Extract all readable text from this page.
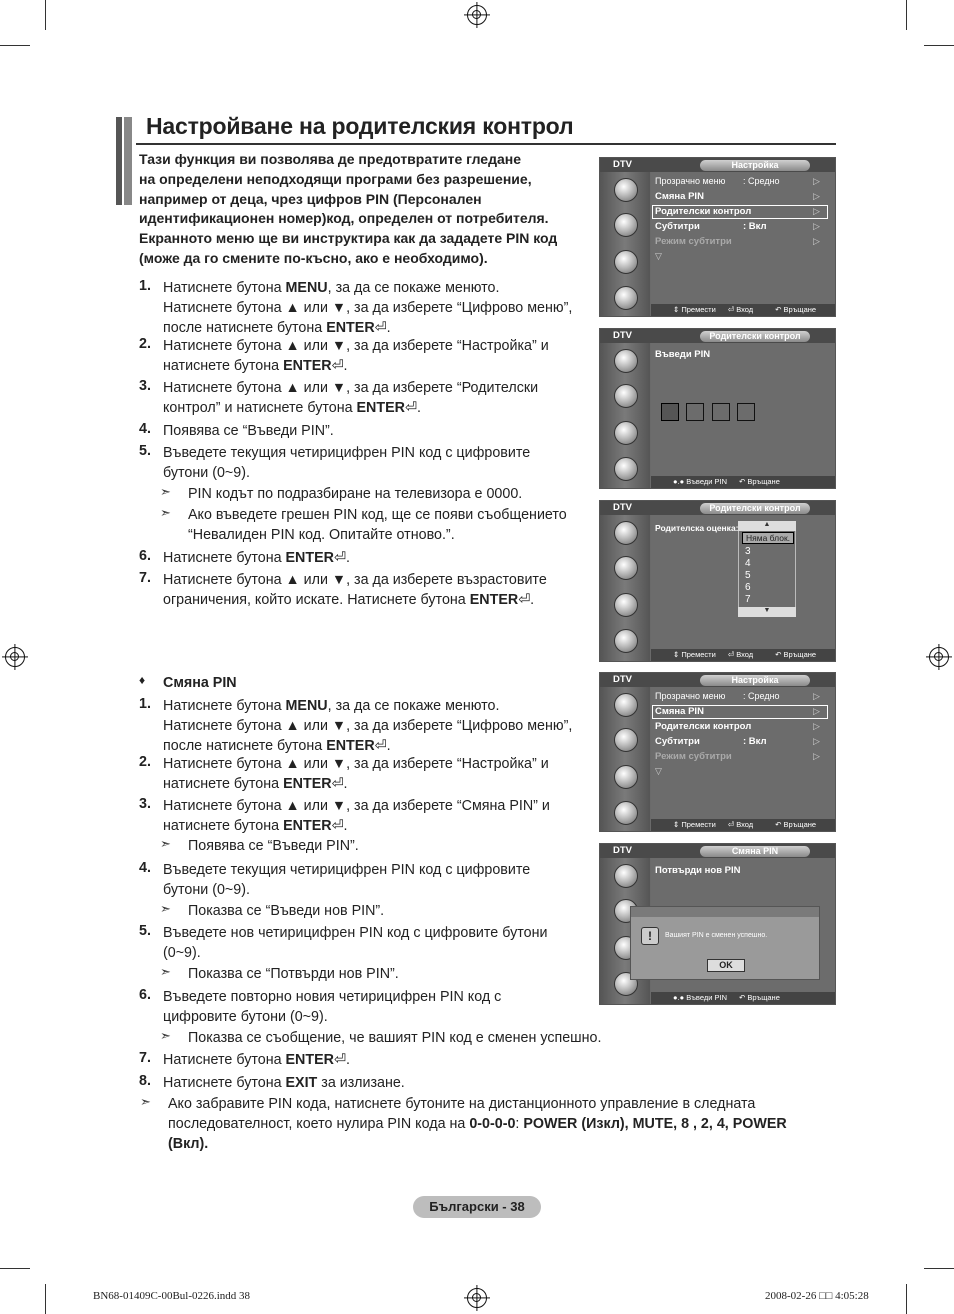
Настройване на родителския контрол
Тази функция ви позволява де предотвратите гледане
на определени неподходящи програми без разрешение,
например от деца, чрез цифров PIN (Персонален
идентификационен номер)код, определен от потребителя.
Екранното меню ще ви инструктира как да зададете PIN код
(може да го смените по-късно, ако е необходимо).
1. Натиснете бутона MENU, за да се покаже менюто.
Натиснете бутона ▲ или ▼, за да изберете “Цифрово меню”,
после натиснете бутона ENTER⏎.
2. Натиснете бутона ▲ или ▼, за да изберете “Настройка” и
натиснете бутона ENTER⏎.
3. Натиснете бутона ▲ или ▼, за да изберете “Родителски
контрол” и натиснете бутона ENTER⏎.
4. Появява се “Въведи PIN”.
5. Въведете текущия четирицифрен PIN код с цифровите
бутони (0~9).
➣ PIN кодът по подразбиране на телевизора е 0000.
➣ Ако въведете грешен PIN код, ще се появи съобщението
“Невалиден PIN код. Опитайте отново.”.
6. Натиснете бутона ENTER⏎.
7. Натиснете бутона ▲ или ▼, за да изберете възрастовите
ограничения, който искате. Натиснете бутона ENTER⏎.
♦ Смяна PIN
1. Натиснете бутона MENU, за да се покаже менюто.
Натиснете бутона ▲ или ▼, за да изберете “Цифрово меню”,
после натиснете бутона ENTER⏎.
2. Натиснете бутона ▲ или ▼, за да изберете “Настройка” и
натиснете бутона ENTER⏎.
3. Натиснете бутона ▲ или ▼, за да изберете “Смяна PIN” и
натиснете бутона ENTER⏎.
➣ Появява се “Въведи PIN”.
4. Въведете текущия четирицифрен PIN код с цифровите
бутони (0~9).
➣ Показва се “Въведи нов PIN”.
5. Въведете нов четирицифрен PIN код с цифровите бутони
(0~9).
➣ Показва се “Потвърди нов PIN”.
6. Въведете повторно новия четирицифрен PIN код с
цифровите бутони (0~9).
➣ Показва се съобщение, че вашият PIN код е сменен успешно.
7. Натиснете бутона ENTER⏎.
8. Натиснете бутона EXIT за излизане.
➣ Ако забравите PIN кода, натиснете бутоните на дистанционното управление в следната
последователност, което нулира PIN кода на 0-0-0-0: POWER (Изкл), MUTE, 8 , 2, 4, POWER
(Вкл).
DTV	Настройка
Прозрачно меню : Средно	▷
Смяна PIN	▷
Родителски контрол	▷
Субтитри	: Вкл	▷
Режим субтитри	▷
▽
⇕ Премести ⏎ Вход	↶ Връщане
DTV	Родителски контрол
Въведи PIN
●.● Въведи PIN ↶ Връщане
DTV	Родителски контрол
Родителска оценка:	▲
Няма блок.
3
4
5
6
7
▼
⇕ Премести ⏎ Вход	↶ Връщане
DTV	Настройка
Прозрачно меню : Средно	▷
Смяна PIN	▷
Родителски контрол	▷
Субтитри	: Вкл	▷
Режим субтитри	▷
▽
⇕ Премести ⏎ Вход	↶ Връщане
DTV	Смяна PIN
Потвърди нов PIN
!	Вашият PIN е сменен успешно.
OK
●.● Въведи PIN ↶ Връщане
Български - 38
BN68-01409C-00Bul-0226.indd 38	2008-02-26 □□ 4:05:28
